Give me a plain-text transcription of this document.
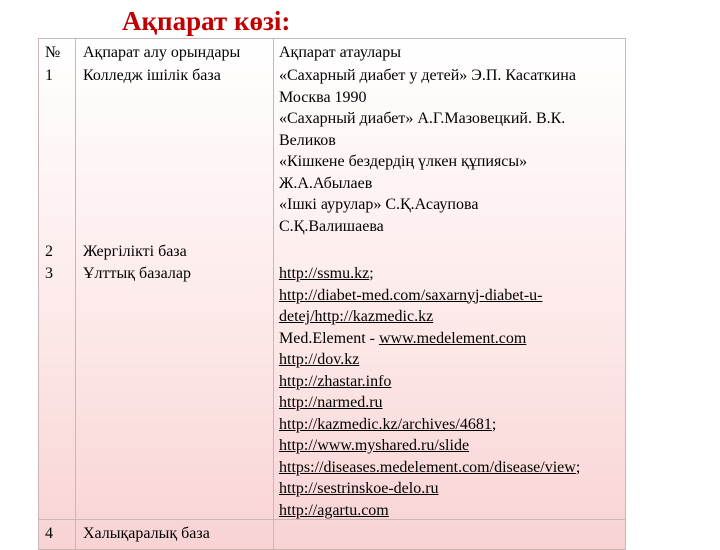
Ақпарат көзі:
№	Ақпарат алу орындары	Ақпарат атаулары
1	Колледж ішілік база	«Сахарный диабет у детей» Э.П. Касаткина
Москва 1990
«Сахарный диабет» А.Г.Мазовецкий. В.К.
Великов
«Кішкене бездердің үлкен құпиясы»
Ж.А.Абылаев
«Ішкі аурулар» С.Қ.Асаупова
С.Қ.Валишаева
2	Жергілікті база
3	Ұлттық базалар	http://ssmu.kz;
http://diabet-med.com/saxarnyj-diabet-u-
detej/http://kazmedic.kz
Med.Element - www.medelement.com
http://dov.kz
http://zhastar.info
http://narmed.ru
http://kazmedic.kz/archives/4681;
http://www.myshared.ru/slide
https://diseases.medelement.com/disease/view;
http://sestrinskoe-delo.ru
http://agartu.com
4	Халықаралық база
